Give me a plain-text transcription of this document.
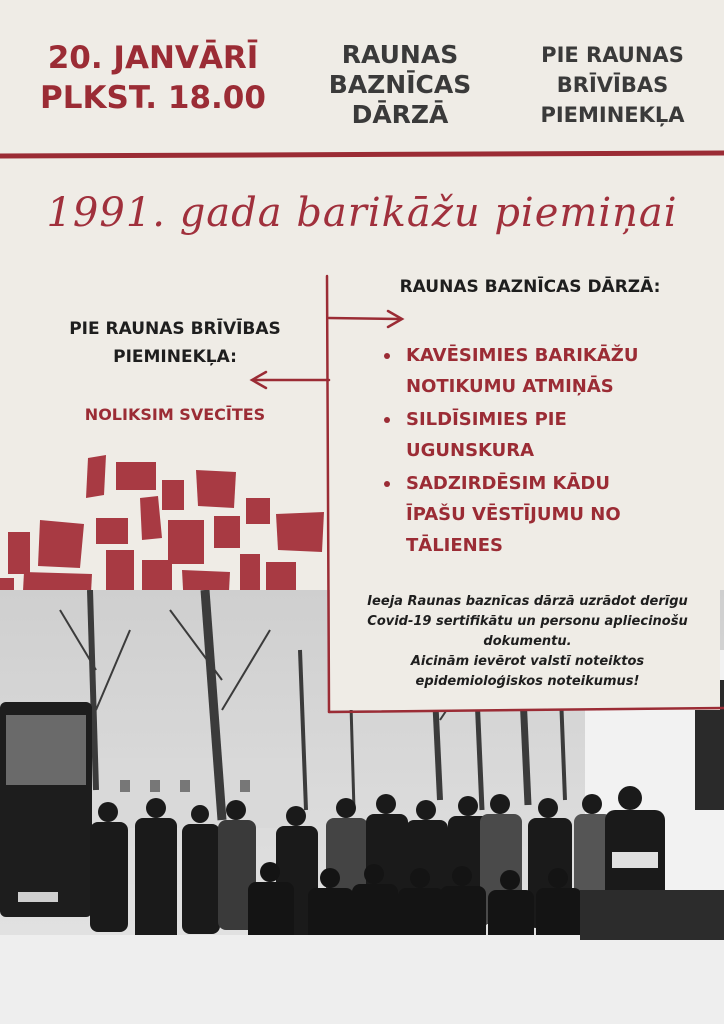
20. JANVĀRĪ
PLKST. 18.00
RAUNAS
BAZNĪCAS
DĀRZĀ
PIE RAUNAS
BRĪVĪBAS
PIEMINEKĻA
1991. gada barikāžu piemiņai
PIE RAUNAS BRĪVĪBAS
PIEMINEKĻA:
NOLIKSIM SVECĪTES
RAUNAS BAZNĪCAS DĀRZĀ:
KAVĒSIMIES BARIKĀŽU
NOTIKUMU ATMIŅĀS
SILDĪSIMIES PIE
UGUNSKURA
SADZIRDĒSIM KĀDU
ĪPAŠU VĒSTĪJUMU NO
TĀLIENES

Ieeja Raunas baznīcas dārzā uzrādot derīgu

Covid-19 sertifikātu un personu apliecinošu

dokumentu.

Aicinām ievērot valstī noteiktos

epidemioloģiskos noteikumus!
